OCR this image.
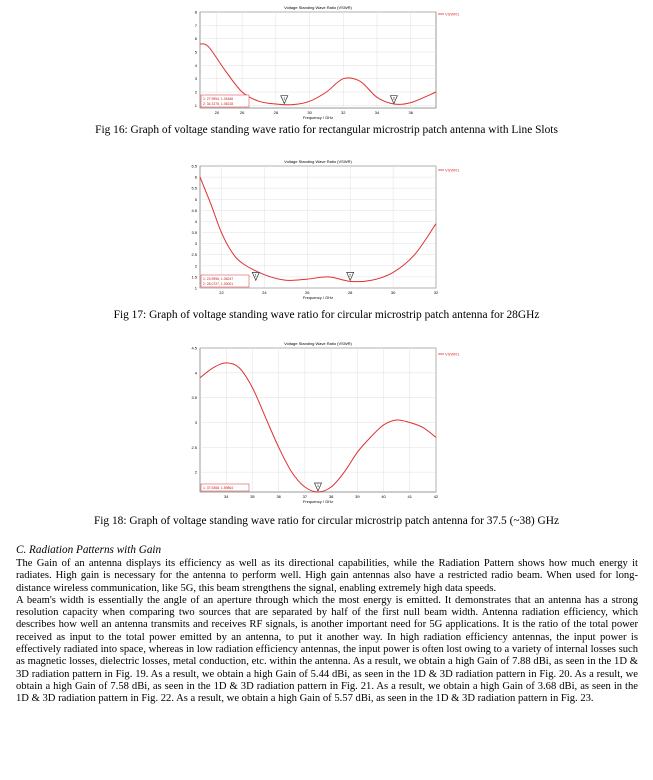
Voltage Standing Wave Ratio (VSWR)
1
2
3
4
5
6
7
8
20	26	28	30	32	34	36
Frequency / GHz
VSWR1
1	2
1: 27.9994, 1.04466
2: 34.3175, 1.06218
Fig 16: Graph of voltage standing wave ratio for rectangular microstrip patch antenna with Line Slots
Voltage Standing Wave Ratio (VSWR)
1
1.5
2
2.5
3
3.5
4
4.5
5
5.5
6
6.5
22	24	26	28	30	32
Frequency / GHz
VSWR1
1	2
1: 23.9996, 1.06247
2: 28.0727, 1.00001
Fig 17: Graph of voltage standing wave ratio for circular microstrip patch antenna for 28GHz
Voltage Standing Wave Ratio (VSWR)
2
2.5
3
3.5
4
4.5
34	35	36	37	38	39	40	41	42
Frequency / GHz
VSWR1
1
1: 37.5368, 1.59864
Fig 18: Graph of voltage standing wave ratio for circular microstrip patch antenna for 37.5 (~38) GHz
C. Radiation Patterns with Gain

The Gain of an antenna displays its efficiency as well as its directional capabilities, while the Radiation Pattern shows how much energy it radiates. High gain is necessary for the antenna to perform well. High gain antennas also have a restricted radio beam. When used for long-distance wireless communication, like 5G, this beam strengthens the signal, enabling extremely high data speeds.

A beam's width is essentially the angle of an aperture through which the most energy is emitted. It demonstrates that an antenna has a strong resolution capacity when comparing two sources that are separated by half of the first null beam width. Antenna radiation efficiency, which describes how well an antenna transmits and receives RF signals, is another important need for 5G applications. It is the ratio of the total power received as input to the total power emitted by an antenna, to put it another way. In high radiation efficiency antennas, the input power is effectively radiated into space, whereas in low radiation efficiency antennas, the input power is often lost owing to a variety of internal losses such as magnetic losses, dielectric losses, metal conduction, etc. within the antenna. As a result, we obtain a high Gain of 7.88 dBi, as seen in the 1D & 3D radiation pattern in Fig. 19. As a result, we obtain a high Gain of 5.44 dBi, as seen in the 1D & 3D radiation pattern in Fig. 20. As a result, we obtain a high Gain of 7.58 dBi, as seen in the 1D & 3D radiation pattern in Fig. 21. As a result, we obtain a high Gain of 3.68 dBi, as seen in the 1D & 3D radiation pattern in Fig. 22. As a result, we obtain a high Gain of 5.57 dBi, as seen in the 1D & 3D radiation pattern in Fig. 23.
